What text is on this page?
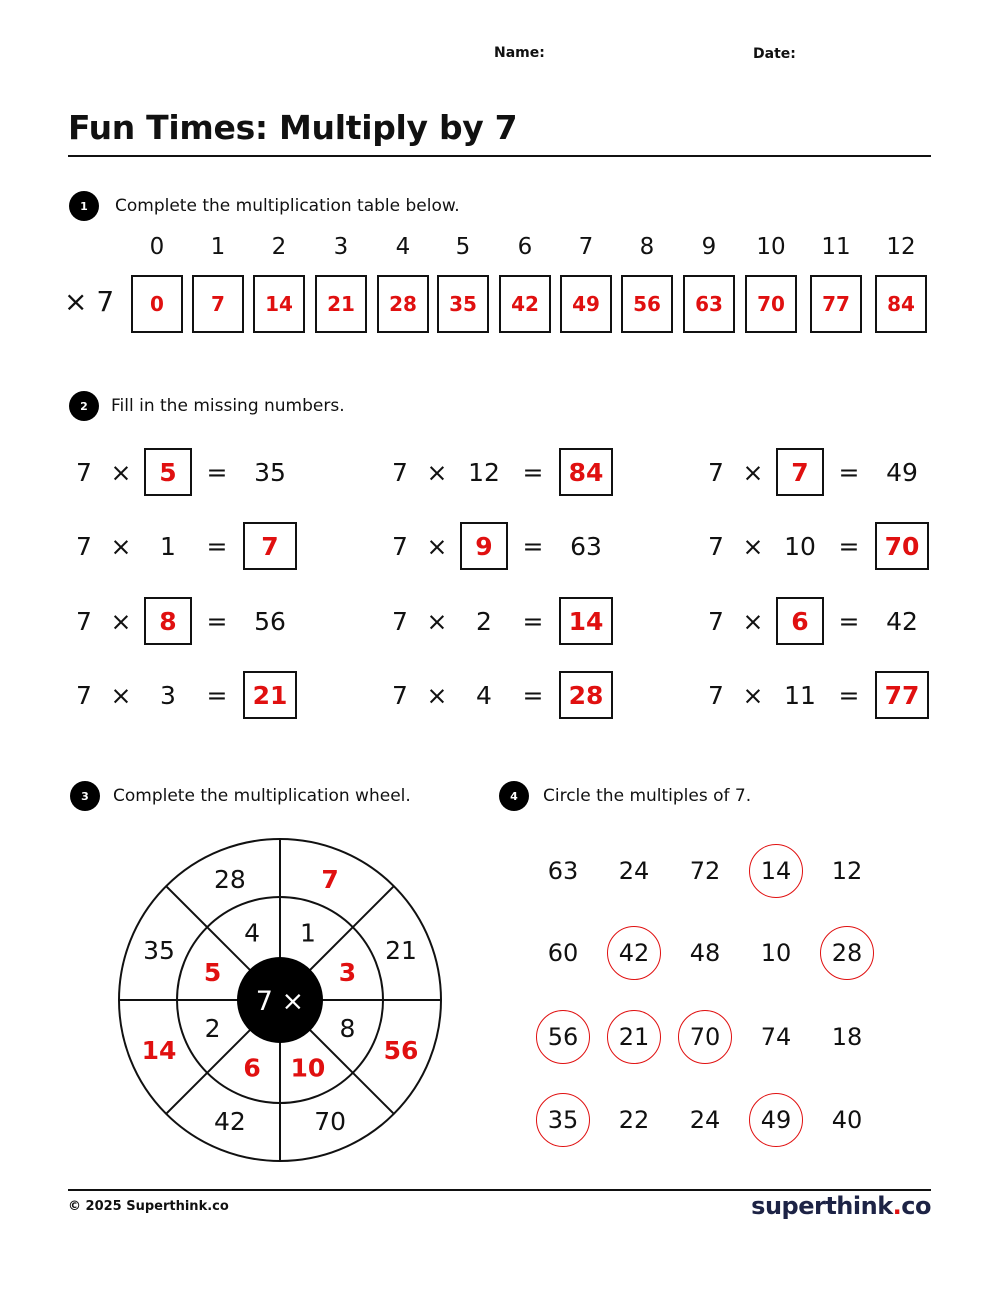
Name:	Date:
Fun Times: Multiply by 7
1	Complete the multiplication table below.
× 7
0	1	2	3	4	5	6	7	8	9	10	11	12
0	7	14	21	28	35	42	49	56	63	70	77	84
2	Fill in the missing numbers.
7 ×	5	=	35	7 × 12 =	84	7 ×	7	=	49
7 ×	1	=	7	7 ×	9	=	63	7 × 10 =	70
7 ×	8	=	56	7 ×	2	=	14	7 ×	6	=	42
7 ×	3	=	21	7 ×	4	=	28	7 × 11 =	77
3	Complete the multiplication wheel.
7 ×
1
7
3
21
8
56
10
70
6
42
2
14
5
35
4
28
4	Circle the multiples of 7.
63	24	72	14	12
60	42	48	10	28
56	21	70	74	18
35	22	24	49	40
© 2025 Superthink.co	superthink.co
